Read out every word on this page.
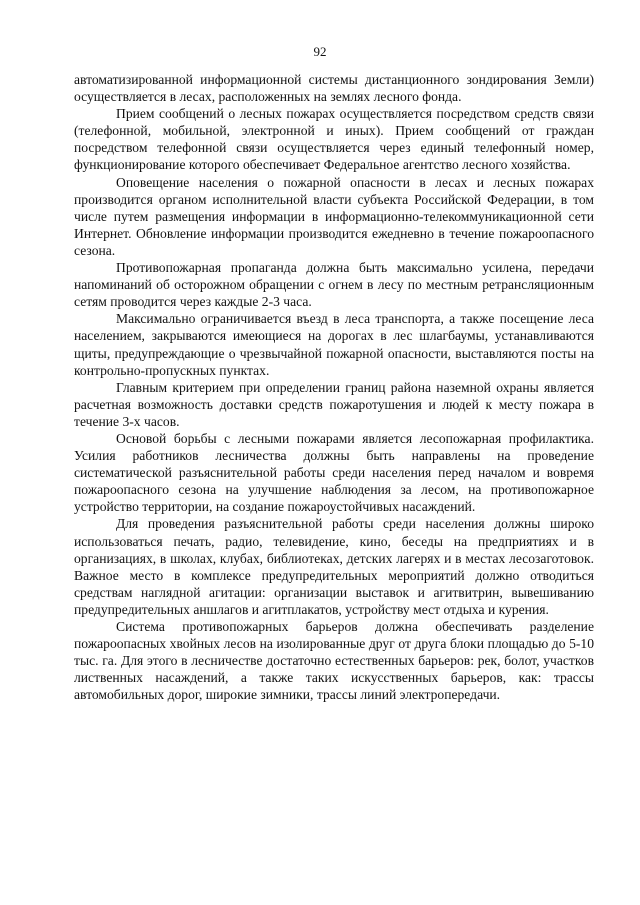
92

автоматизированной информационной системы дистанционного зондирования Земли) осуществляется в лесах, расположенных на землях лесного фонда.

Прием сообщений о лесных пожарах осуществляется посредством средств связи (телефонной, мобильной, электронной и иных). Прием сообщений от граждан посредством телефонной связи осуществляется через единый телефонный номер, функционирование которого обеспечивает Федеральное агентство лесного хозяйства.

Оповещение населения о пожарной опасности в лесах и лесных пожарах производится органом исполнительной власти субъекта Российской Федерации, в том числе путем размещения информации в информационно-телекоммуникационной сети Интернет. Обновление информации производится ежедневно в течение пожароопасного сезона.

Противопожарная пропаганда должна быть максимально усилена, передачи напоминаний об осторожном обращении с огнем в лесу по местным ретрансляционным сетям проводится через каждые 2-3 часа.

Максимально ограничивается въезд в леса транспорта, а также посещение леса населением, закрываются имеющиеся на дорогах в лес шлагбаумы, устанавливаются щиты, предупреждающие о чрезвычайной пожарной опасности, выставляются посты на контрольно-пропускных пунктах.

Главным критерием при определении границ района наземной охраны является расчетная возможность доставки средств пожаротушения и людей к месту пожара в течение 3-х часов.

Основой борьбы с лесными пожарами является лесопожарная профилактика. Усилия работников лесничества должны быть направлены на проведение систематической разъяснительной работы среди населения перед началом и вовремя пожароопасного сезона на улучшение наблюдения за лесом, на противопожарное устройство территории, на создание пожароустойчивых насаждений.

Для проведения разъяснительной работы среди населения должны широко использоваться печать, радио, телевидение, кино, беседы на предприятиях и в организациях, в школах, клубах, библиотеках, детских лагерях и в местах лесозаготовок. Важное место в комплексе предупредительных мероприятий должно отводиться средствам наглядной агитации: организации выставок и агитвитрин, вывешиванию предупредительных аншлагов и агитплакатов, устройству мест отдыха и курения.

Система противопожарных барьеров должна обеспечивать разделение пожароопасных хвойных лесов на изолированные друг от друга блоки площадью до 5-10 тыс. га. Для этого в лесничестве достаточно естественных барьеров: рек, болот, участков лиственных насаждений, а также таких искусственных барьеров, как: трассы автомобильных дорог, широкие зимники, трассы линий электропередачи.
